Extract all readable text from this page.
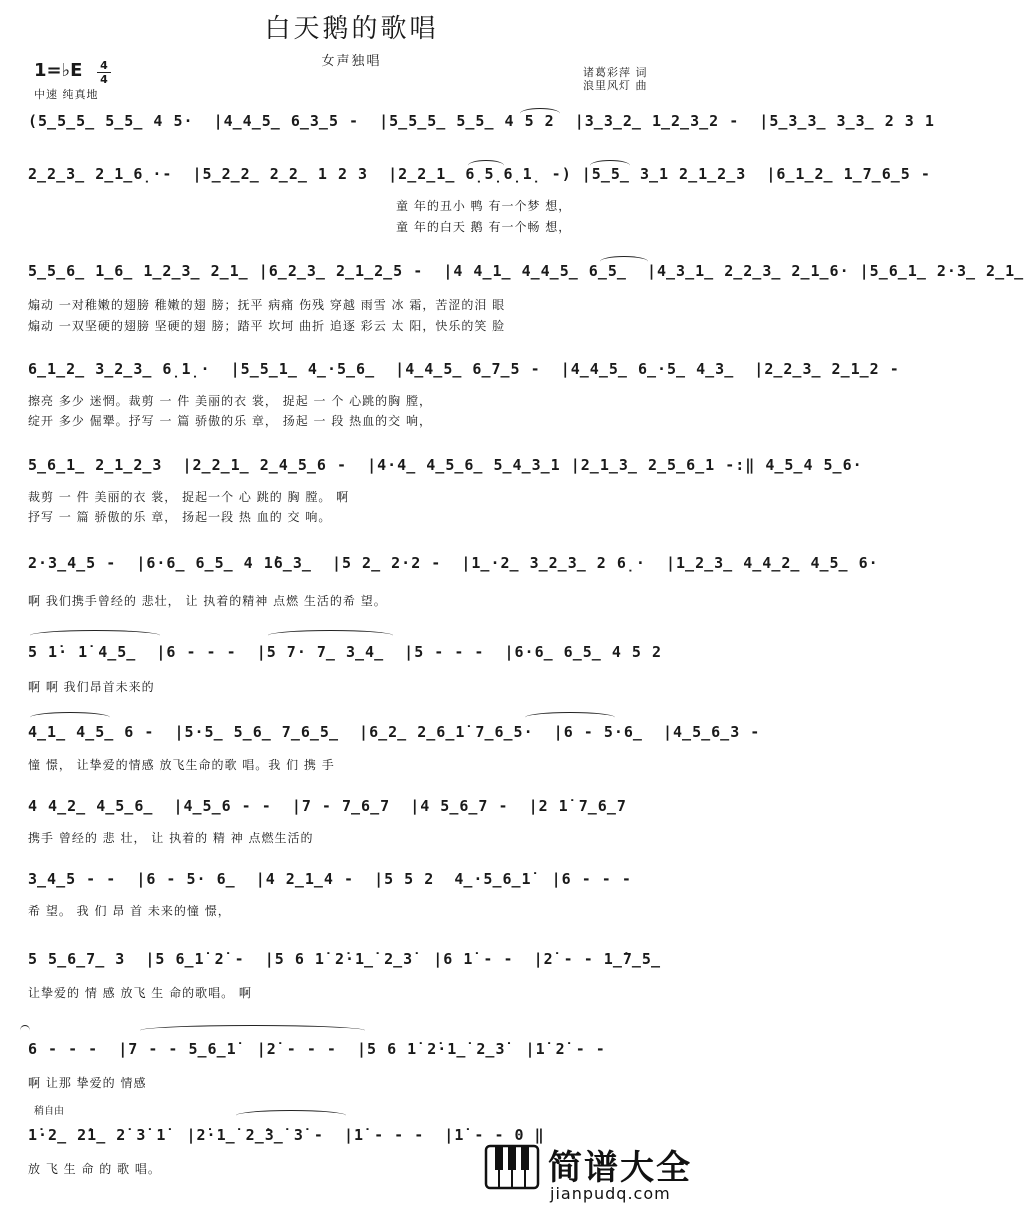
白天鹅的歌唱
女声独唱
1=♭E 4
4
中速 纯真地
诸葛彩萍 词
浪里风灯 曲
(5̲5̲5̲ 5̲5̲ 4 5·  |4̲4̲5̲ 6̲3̲5 -  |5̲5̲5̲ 5̲5̲ 4 5 2  |3̲3̲2̲ 1̲2̲3̲2 -  |5̲3̲3̲ 3̲3̲ 2 3 1
2̲2̲3̲ 2̲1̲6̣·-  |5̲2̲2̲ 2̲2̲ 1 2 3  |2̲2̲1̲ 6̣5̣6̣1̣ -) |5̲5̲ 3̲1 2̲1̲2̲3  |6̲1̲2̲ 1̲7̲6̲5 -
童 年的丑小 鸭 有一个梦 想，
童 年的白天 鹅 有一个畅 想，
5̲5̲6̲ 1̲6̲ 1̲2̲3̲ 2̲1̲ |6̲2̲3̲ 2̲1̲2̲5 -  |4 4̲1̲ 4̲4̲5̲ 6̲5̲  |4̲3̲1̲ 2̲2̲3̲ 2̲1̲6· |5̲6̲1̲ 2·3̲ 2̲1̲
煽动 一对稚嫩的翅膀 稚嫩的翅 膀；抚平 病痛 伤残 穿越 雨雪 冰 霜，苦涩的泪 眼
煽动 一双坚硬的翅膀 坚硬的翅 膀；踏平 坎坷 曲折 追逐 彩云 太 阳，快乐的笑 脸
6̲1̲2̲ 3̲2̲3̲ 6̣1̣·  |5̲5̲1̲ 4̲·5̲6̲  |4̲4̲5̲ 6̲7̲5 -  |4̲4̲5̲ 6̲·5̲ 4̲3̲  |2̲2̲3̲ 2̲1̲2 -
擦亮 多少 迷惘。裁剪 一 件 美丽的衣 裳， 捉起 一 个 心跳的胸 膛，
绽开 多少 倔犟。抒写 一 篇 骄傲的乐 章， 扬起 一 段 热血的交 响，
5̲6̲1̲ 2̲1̲2̲3  |2̲2̲1̲ 2̲4̲5̲6 -  |4·4̲ 4̲5̲6̲ 5̲4̲3̲1 |2̲1̲3̲ 2̲5̲6̲1 -:‖ 4̲5̲4 5̲6·
裁剪 一 件 美丽的衣 裳， 捉起一个 心 跳的 胸 膛。 啊
抒写 一 篇 骄傲的乐 章， 扬起一段 热 血的 交 响。
2·3̲4̲5 -  |6·6̲ 6̲5̲ 4 1̇6̲3̲  |5 2̲ 2·2 -  |1̲·2̲ 3̲2̲3̲ 2 6̣·  |1̲2̲3̲ 4̲4̲2̲ 4̲5̲ 6·
啊 我们携手曾经的 悲壮， 让 执着的精神 点燃 生活的希 望。
5 1̇· 1̇ 4̲5̲  |6 - - -  |5 7· 7̲ 3̲4̲  |5 - - -  |6·6̲ 6̲5̲ 4 5 2
啊 啊 我们昂首未来的
4̲1̲ 4̲5̲ 6 -  |5·5̲ 5̲6̲ 7̲6̲5̲  |6̲2̲ 2̲6̲1̇ 7̲6̲5·  |6 - 5·6̲  |4̲5̲6̲3 -
憧 憬， 让挚爱的情感 放飞生命的歌 唱。我 们 携 手
4 4̲2̲ 4̲5̲6̲  |4̲5̲6 - -  |7 - 7̲6̲7  |4 5̲6̲7 -  |2 1̇ 7̲6̲7
携手 曾经的 悲 壮， 让 执着的 精 神 点燃生活的
3̲4̲5 - -  |6 - 5· 6̲  |4 2̲1̲4 -  |5 5 2  4̲·5̲6̲1̇  |6 - - -
希 望。 我 们 昂 首 未来的憧 憬，
5 5̲6̲7̲ 3  |5 6̲1̇ 2̇ -  |5 6 1̇ 2̇·1̲̇ 2̲3̇  |6 1̇ - -  |2̇ - - 1̲̇7̲5̲
让挚爱的 情 感 放飞 生 命的歌唱。 啊
6 - - -  |7 - - 5̲6̲1̇  |2̇ - - -  |5 6 1̇ 2̇·1̲̇ 2̲3̇  |1̇ 2̇ - -
啊 让那 挚爱的 情感
1̇·2̲ 2̇1̲ 2̇ 3̇ 1̇  |2̇·1̲̇ 2̲̇3̲̇ 3̇ -  |1̇ - - -  |1̇ - - 0 ‖
放 飞 生 命 的 歌 唱。
稍自由
简谱大全
jianpudq.com
